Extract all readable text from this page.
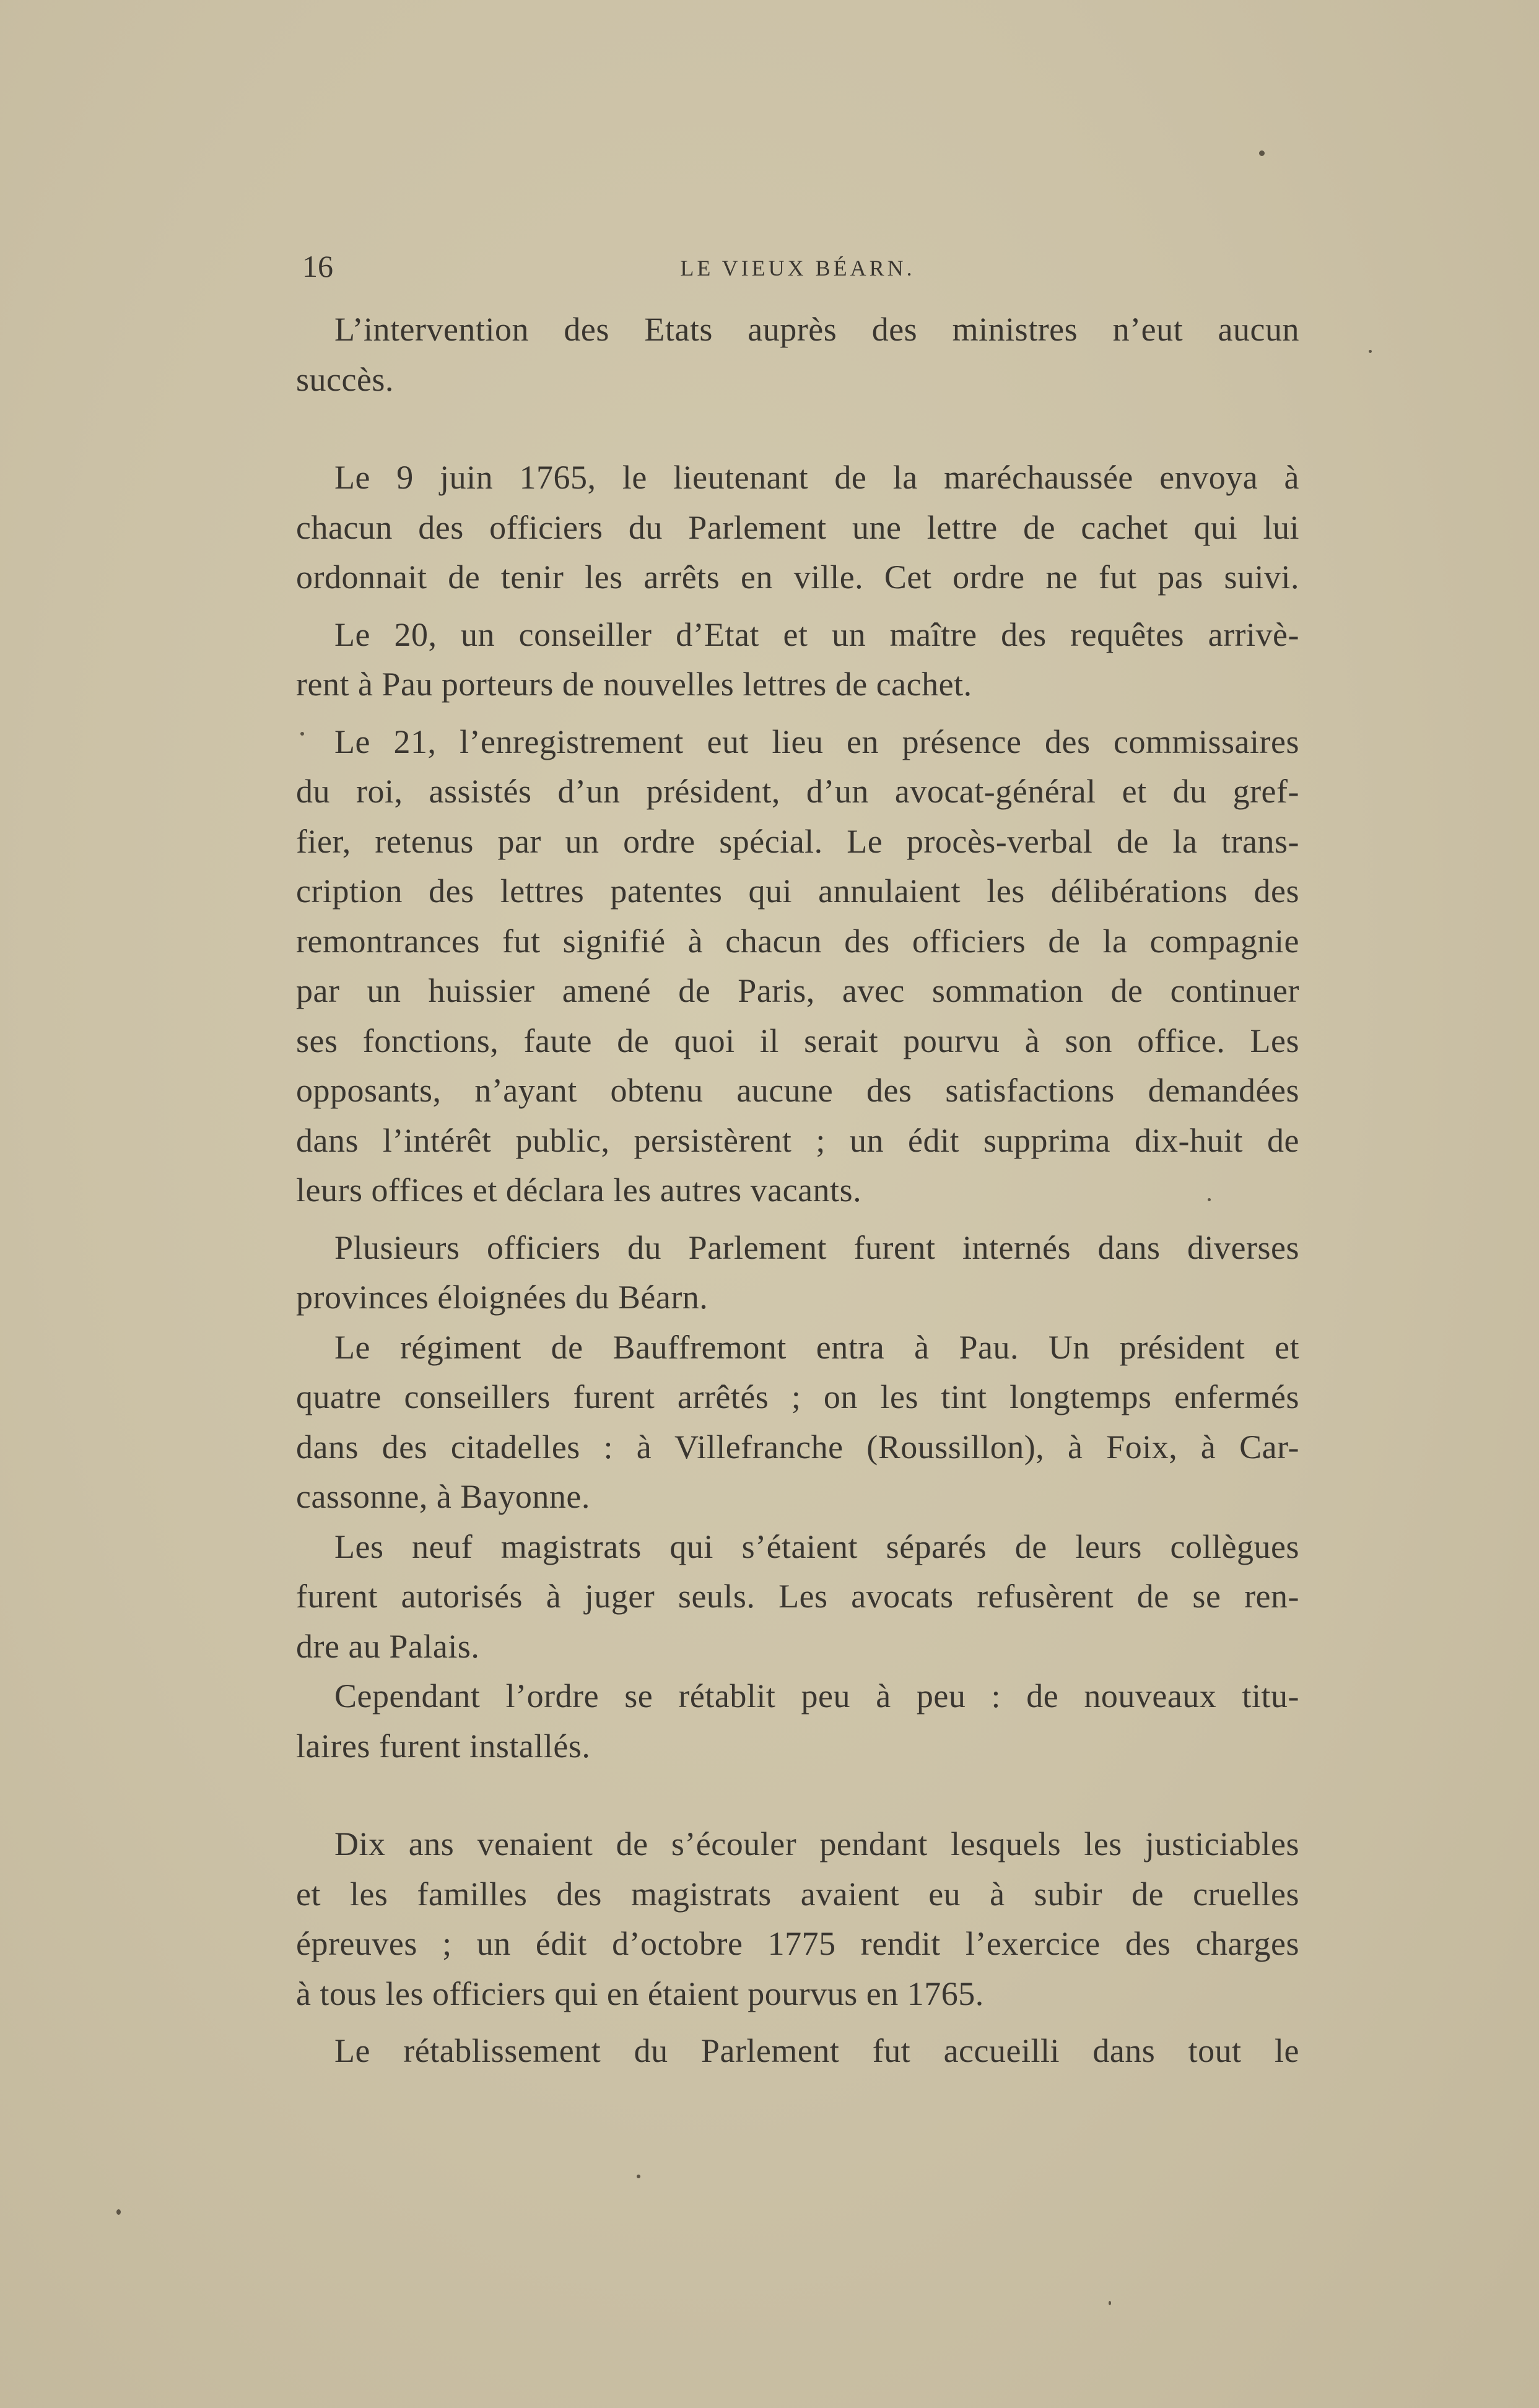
16	LE VIEUX BÉARN.

L’intervention des Etats auprès des ministres n’eut aucun
succès.

Le 9 juin 1765, le lieutenant de la maréchaussée envoya à
chacun des officiers du Parlement une lettre de cachet qui lui
ordonnait de tenir les arrêts en ville. Cet ordre ne fut pas suivi.

Le 20, un conseiller d’Etat et un maître des requêtes arrivè-
rent à Pau porteurs de nouvelles lettres de cachet.

Le 21, l’enregistrement eut lieu en présence des commissaires
du roi, assistés d’un président, d’un avocat-général et du gref-
fier, retenus par un ordre spécial. Le procès-verbal de la trans-
cription des lettres patentes qui annulaient les délibérations des
remontrances fut signifié à chacun des officiers de la compagnie
par un huissier amené de Paris, avec sommation de continuer
ses fonctions, faute de quoi il serait pourvu à son office. Les
opposants, n’ayant obtenu aucune des satisfactions demandées
dans l’intérêt public, persistèrent ; un édit supprima dix-huit de
leurs offices et déclara les autres vacants.

Plusieurs officiers du Parlement furent internés dans diverses
provinces éloignées du Béarn.

Le régiment de Bauffremont entra à Pau. Un président et
quatre conseillers furent arrêtés ; on les tint longtemps enfermés
dans des citadelles : à Villefranche (Roussillon), à Foix, à Car-
cassonne, à Bayonne.

Les neuf magistrats qui s’étaient séparés de leurs collègues
furent autorisés à juger seuls. Les avocats refusèrent de se ren-
dre au Palais.

Cependant l’ordre se rétablit peu à peu : de nouveaux titu-
laires furent installés.

Dix ans venaient de s’écouler pendant lesquels les justiciables
et les familles des magistrats avaient eu à subir de cruelles
épreuves ; un édit d’octobre 1775 rendit l’exercice des charges
à tous les officiers qui en étaient pourvus en 1765.

Le rétablissement du Parlement fut accueilli dans tout le
